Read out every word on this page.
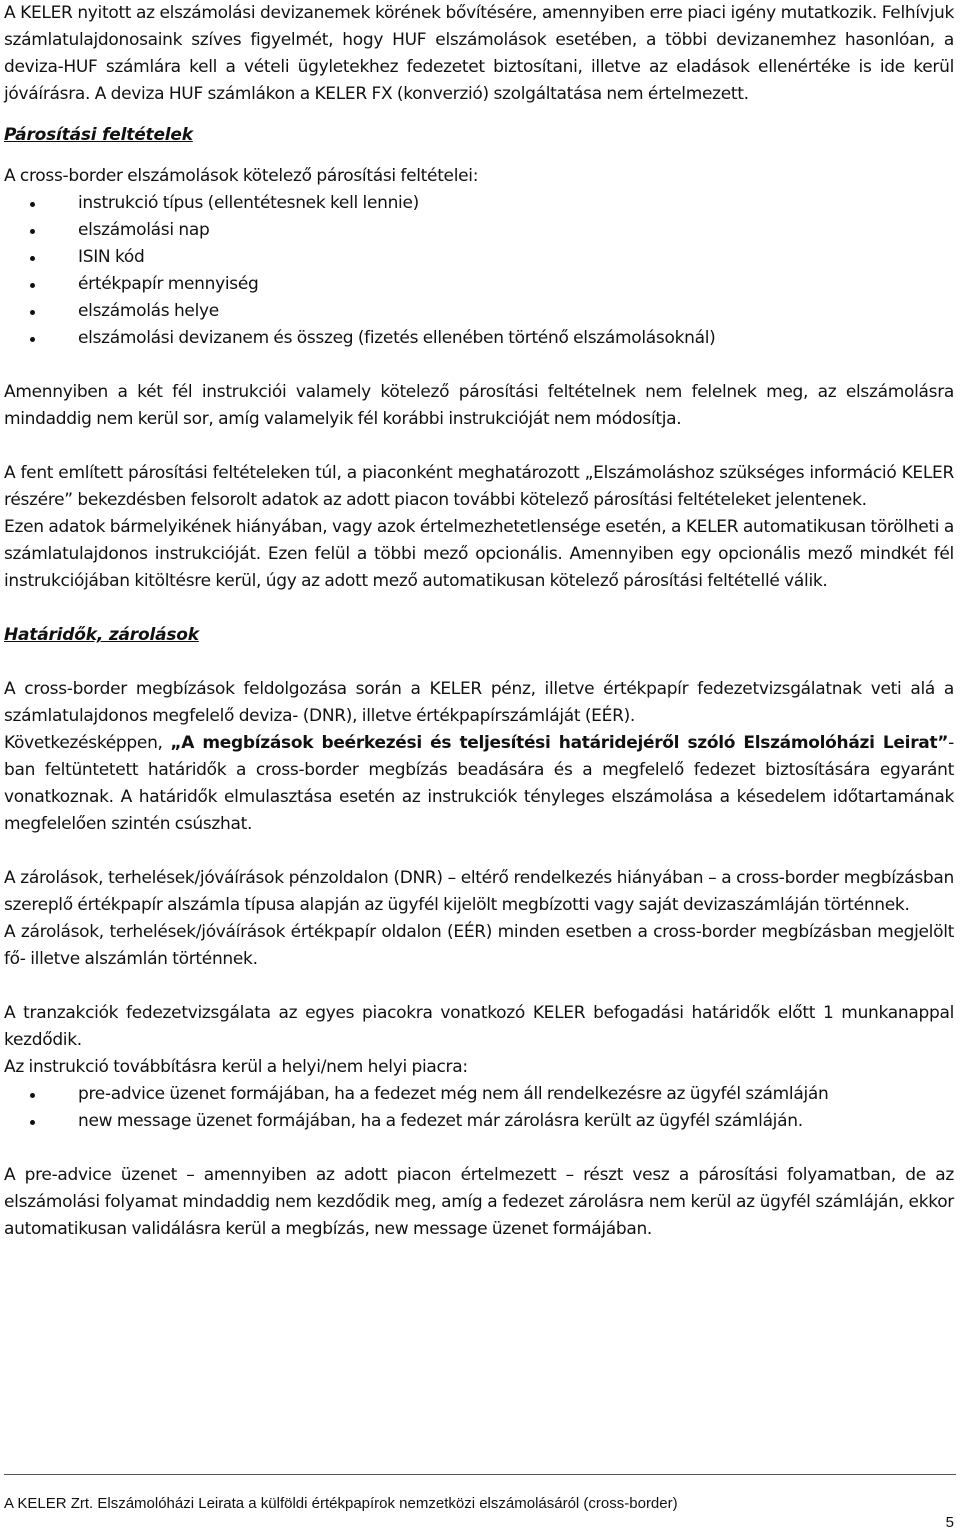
A KELER nyitott az elszámolási devizanemek körének bővítésére, amennyiben erre piaci igény mutatkozik. Felhívjuk számlatulajdonosaink szíves figyelmét, hogy HUF elszámolások esetében, a többi devizanemhez hasonlóan, a deviza-HUF számlára kell a vételi ügyletekhez fedezetet biztosítani, illetve az eladások ellenértéke is ide kerül jóváírásra. A deviza HUF számlákon a KELER FX (konverzió) szolgáltatása nem értelmezett.

Párosítási feltételek

A cross-border elszámolások kötelező párosítási feltételei:

instrukció típus (ellentétesnek kell lennie)
elszámolási nap
ISIN kód
értékpapír mennyiség
elszámolás helye
elszámolási devizanem és összeg (fizetés ellenében történő elszámolásoknál)

Amennyiben a két fél instrukciói valamely kötelező párosítási feltételnek nem felelnek meg, az elszámolásra mindaddig nem kerül sor, amíg valamelyik fél korábbi instrukcióját nem módosítja.

A fent említett párosítási feltételeken túl, a piaconként meghatározott „Elszámoláshoz szükséges információ KELER részére” bekezdésben felsorolt adatok az adott piacon további kötelező párosítási feltételeket jelentenek.

Ezen adatok bármelyikének hiányában, vagy azok értelmezhetetlensége esetén, a KELER automatikusan törölheti a számlatulajdonos instrukcióját. Ezen felül a többi mező opcionális. Amennyiben egy opcionális mező mindkét fél instrukciójában kitöltésre kerül, úgy az adott mező automatikusan kötelező párosítási feltétellé válik.

Határidők, zárolások

A cross-border megbízások feldolgozása során a KELER pénz, illetve értékpapír fedezetvizsgálatnak veti alá a számlatulajdonos megfelelő deviza- (DNR), illetve értékpapírszámláját (EÉR).

Következésképpen, „A megbízások beérkezési és teljesítési határidejéről szóló Elszámolóházi Leirat”-ban feltüntetett határidők a cross-border megbízás beadására és a megfelelő fedezet biztosítására egyaránt vonatkoznak. A határidők elmulasztása esetén az instrukciók tényleges elszámolása a késedelem időtartamának megfelelően szintén csúszhat.

A zárolások, terhelések/jóváírások pénzoldalon (DNR) – eltérő rendelkezés hiányában – a cross-border megbízásban szereplő értékpapír alszámla típusa alapján az ügyfél kijelölt megbízotti vagy saját devizaszámláján történnek.

A zárolások, terhelések/jóváírások értékpapír oldalon (EÉR) minden esetben a cross-border megbízásban megjelölt fő- illetve alszámlán történnek.

A tranzakciók fedezetvizsgálata az egyes piacokra vonatkozó KELER befogadási határidők előtt 1 munkanappal kezdődik.

Az instrukció továbbításra kerül a helyi/nem helyi piacra:

pre-advice üzenet formájában, ha a fedezet még nem áll rendelkezésre az ügyfél számláján
new message üzenet formájában, ha a fedezet már zárolásra került az ügyfél számláján.

A pre-advice üzenet – amennyiben az adott piacon értelmezett – részt vesz a párosítási folyamatban, de az elszámolási folyamat mindaddig nem kezdődik meg, amíg a fedezet zárolásra nem kerül az ügyfél számláján, ekkor automatikusan validálásra kerül a megbízás, new message üzenet formájában.

A KELER Zrt. Elszámolóházi Leirata a külföldi értékpapírok nemzetközi elszámolásáról (cross-border)
5
